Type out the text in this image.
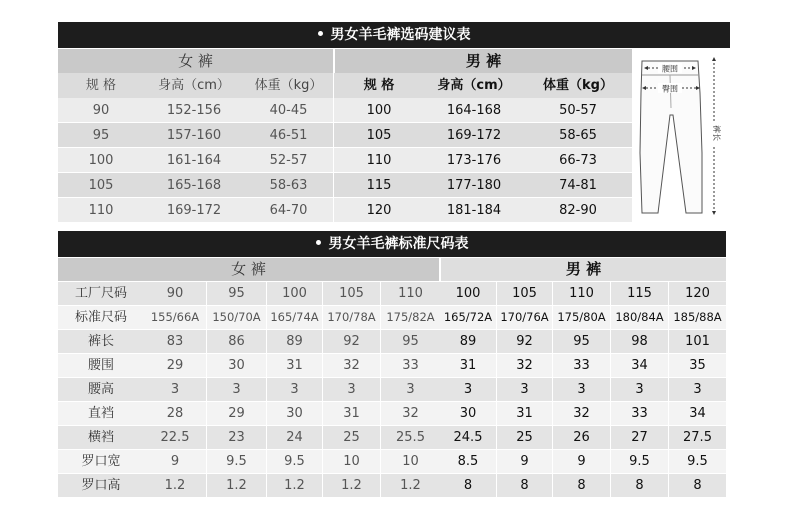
男女羊毛裤选码建议表
女 裤	男 裤
规 格	身高（cm）	体重（kg）	规 格	身高（cm）	体重（kg）
90	152-156	40-45	100	164-168	50-57
95	157-160	46-51	105	169-172	58-65
100	161-164	52-57	110	173-176	66-73
105	165-168	58-63	115	177-180	74-81
110	169-172	64-70	120	181-184	82-90
腰围
臀围
裤长
男女羊毛裤标准尺码表
女 裤	男 裤
工厂尺码	90	95	100	105	110	100	105	110	115	120
标准尺码	155/66A	150/70A 165/74A 170/78A 175/82A 165/72A 170/76A 175/80A 180/84A 185/88A
裤长	83	86	89	92	95	89	92	95	98	101
腰围	29	30	31	32	33	31	32	33	34	35
腰高	3	3	3	3	3	3	3	3	3	3
直裆	28	29	30	31	32	30	31	32	33	34
横裆	22.5	23	24	25	25.5	24.5	25	26	27	27.5
罗口宽	9	9.5	9.5	10	10	8.5	9	9	9.5	9.5
罗口高	1.2	1.2	1.2	1.2	1.2	8	8	8	8	8
